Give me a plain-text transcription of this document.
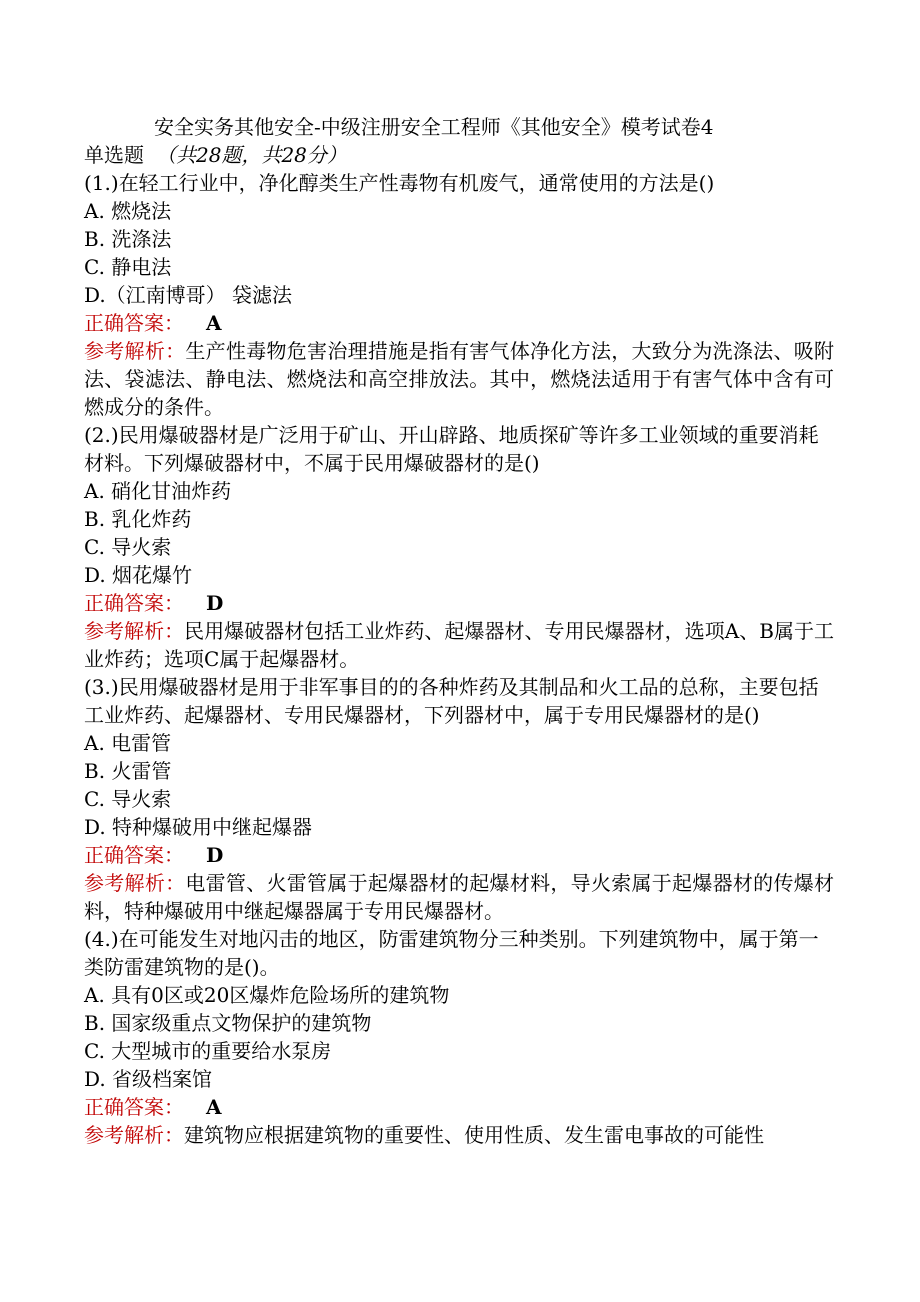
安全实务其他安全-中级注册安全工程师《其他安全》模考试卷4

单选题 （共28题，共28分）

(1.)在轻工行业中，净化醇类生产性毒物有机废气，通常使用的方法是()

A. 燃烧法

B. 洗涤法

C. 静电法

D.（江南博哥） 袋滤法

正确答案： A

参考解析：生产性毒物危害治理措施是指有害气体净化方法，大致分为洗涤法、吸附法、袋滤法、静电法、燃烧法和高空排放法。其中，燃烧法适用于有害气体中含有可燃成分的条件。

(2.)民用爆破器材是广泛用于矿山、开山辟路、地质探矿等许多工业领域的重要消耗材料。下列爆破器材中，不属于民用爆破器材的是()

A. 硝化甘油炸药

B. 乳化炸药

C. 导火索

D. 烟花爆竹

正确答案： D

参考解析：民用爆破器材包括工业炸药、起爆器材、专用民爆器材，选项A、B属于工业炸药；选项C属于起爆器材。

(3.)民用爆破器材是用于非军事目的的各种炸药及其制品和火工品的总称，主要包括工业炸药、起爆器材、专用民爆器材，下列器材中，属于专用民爆器材的是()

A. 电雷管

B. 火雷管

C. 导火索

D. 特种爆破用中继起爆器

正确答案： D

参考解析：电雷管、火雷管属于起爆器材的起爆材料，导火索属于起爆器材的传爆材料，特种爆破用中继起爆器属于专用民爆器材。

(4.)在可能发生对地闪击的地区，防雷建筑物分三种类别。下列建筑物中，属于第一类防雷建筑物的是()。

A. 具有0区或20区爆炸危险场所的建筑物

B. 国家级重点文物保护的建筑物

C. 大型城市的重要给水泵房

D. 省级档案馆

正确答案： A

参考解析：建筑物应根据建筑物的重要性、使用性质、发生雷电事故的可能性
